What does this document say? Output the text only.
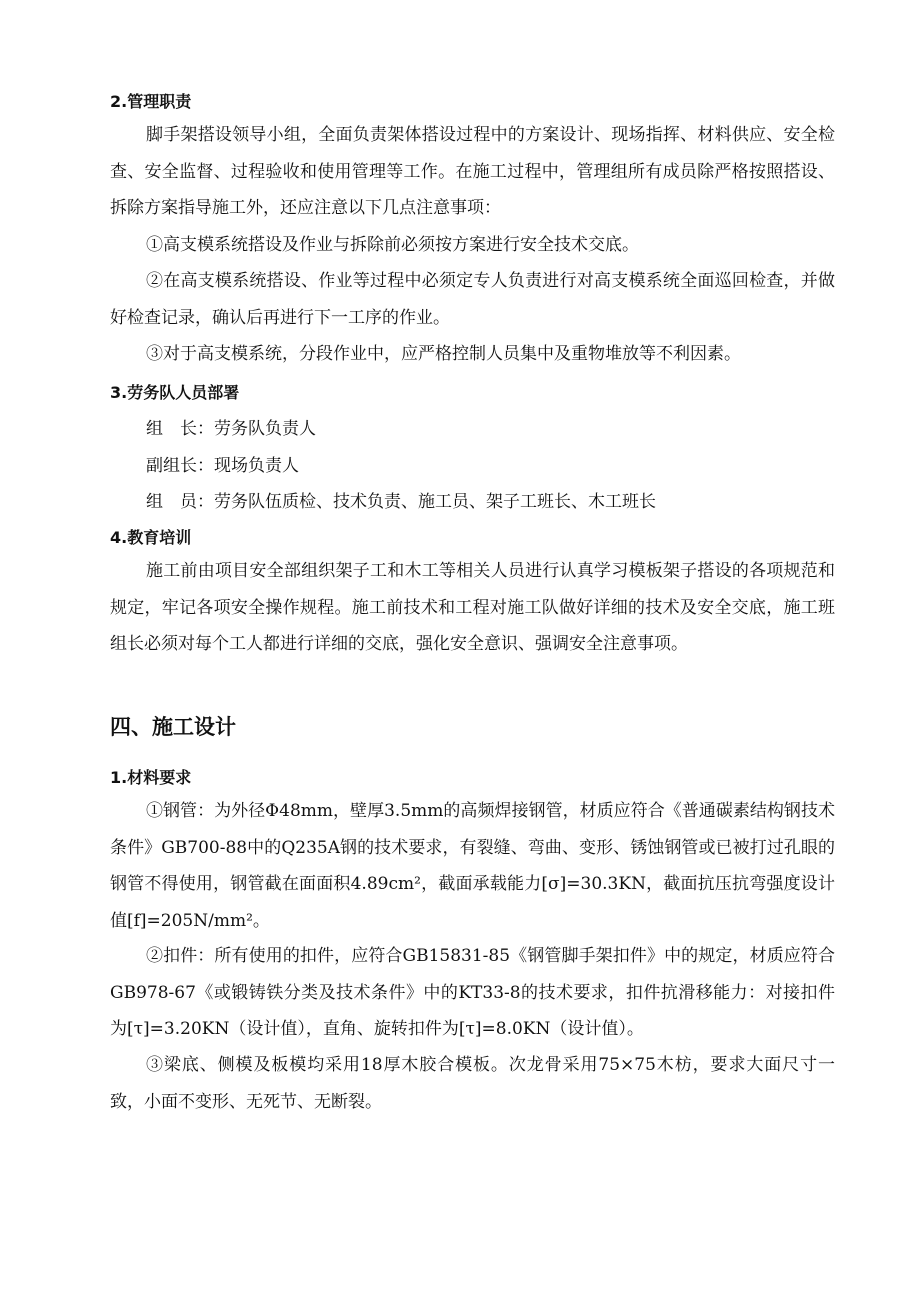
2.管理职责

脚手架搭设领导小组，全面负责架体搭设过程中的方案设计、现场指挥、材料供应、安全检查、安全监督、过程验收和使用管理等工作。在施工过程中，管理组所有成员除严格按照搭设、拆除方案指导施工外，还应注意以下几点注意事项：

①高支模系统搭设及作业与拆除前必须按方案进行安全技术交底。

②在高支模系统搭设、作业等过程中必须定专人负责进行对高支模系统全面巡回检查，并做好检查记录，确认后再进行下一工序的作业。

③对于高支模系统，分段作业中，应严格控制人员集中及重物堆放等不利因素。

3.劳务队人员部署
组　长：劳务队负责人
副组长：现场负责人
组　员：劳务队伍质检、技术负责、施工员、架子工班长、木工班长
4.教育培训

施工前由项目安全部组织架子工和木工等相关人员进行认真学习模板架子搭设的各项规范和规定，牢记各项安全操作规程。施工前技术和工程对施工队做好详细的技术及安全交底，施工班组长必须对每个工人都进行详细的交底，强化安全意识、强调安全注意事项。

四、施工设计
1.材料要求

①钢管：为外径Φ48mm，壁厚3.5mm的高频焊接钢管，材质应符合《普通碳素结构钢技术条件》GB700-88中的Q235A钢的技术要求，有裂缝、弯曲、变形、锈蚀钢管或已被打过孔眼的钢管不得使用，钢管截在面面积4.89cm²，截面承载能力[σ]=30.3KN，截面抗压抗弯强度设计值[f]=205N/mm²。

②扣件：所有使用的扣件，应符合GB15831-85《钢管脚手架扣件》中的规定，材质应符合GB978-67《或锻铸铁分类及技术条件》中的KT33-8的技术要求，扣件抗滑移能力：对接扣件为[τ]=3.20KN（设计值），直角、旋转扣件为[τ]=8.0KN（设计值）。

③梁底、侧模及板模均采用18厚木胶合模板。次龙骨采用75×75木枋，要求大面尺寸一致，小面不变形、无死节、无断裂。
